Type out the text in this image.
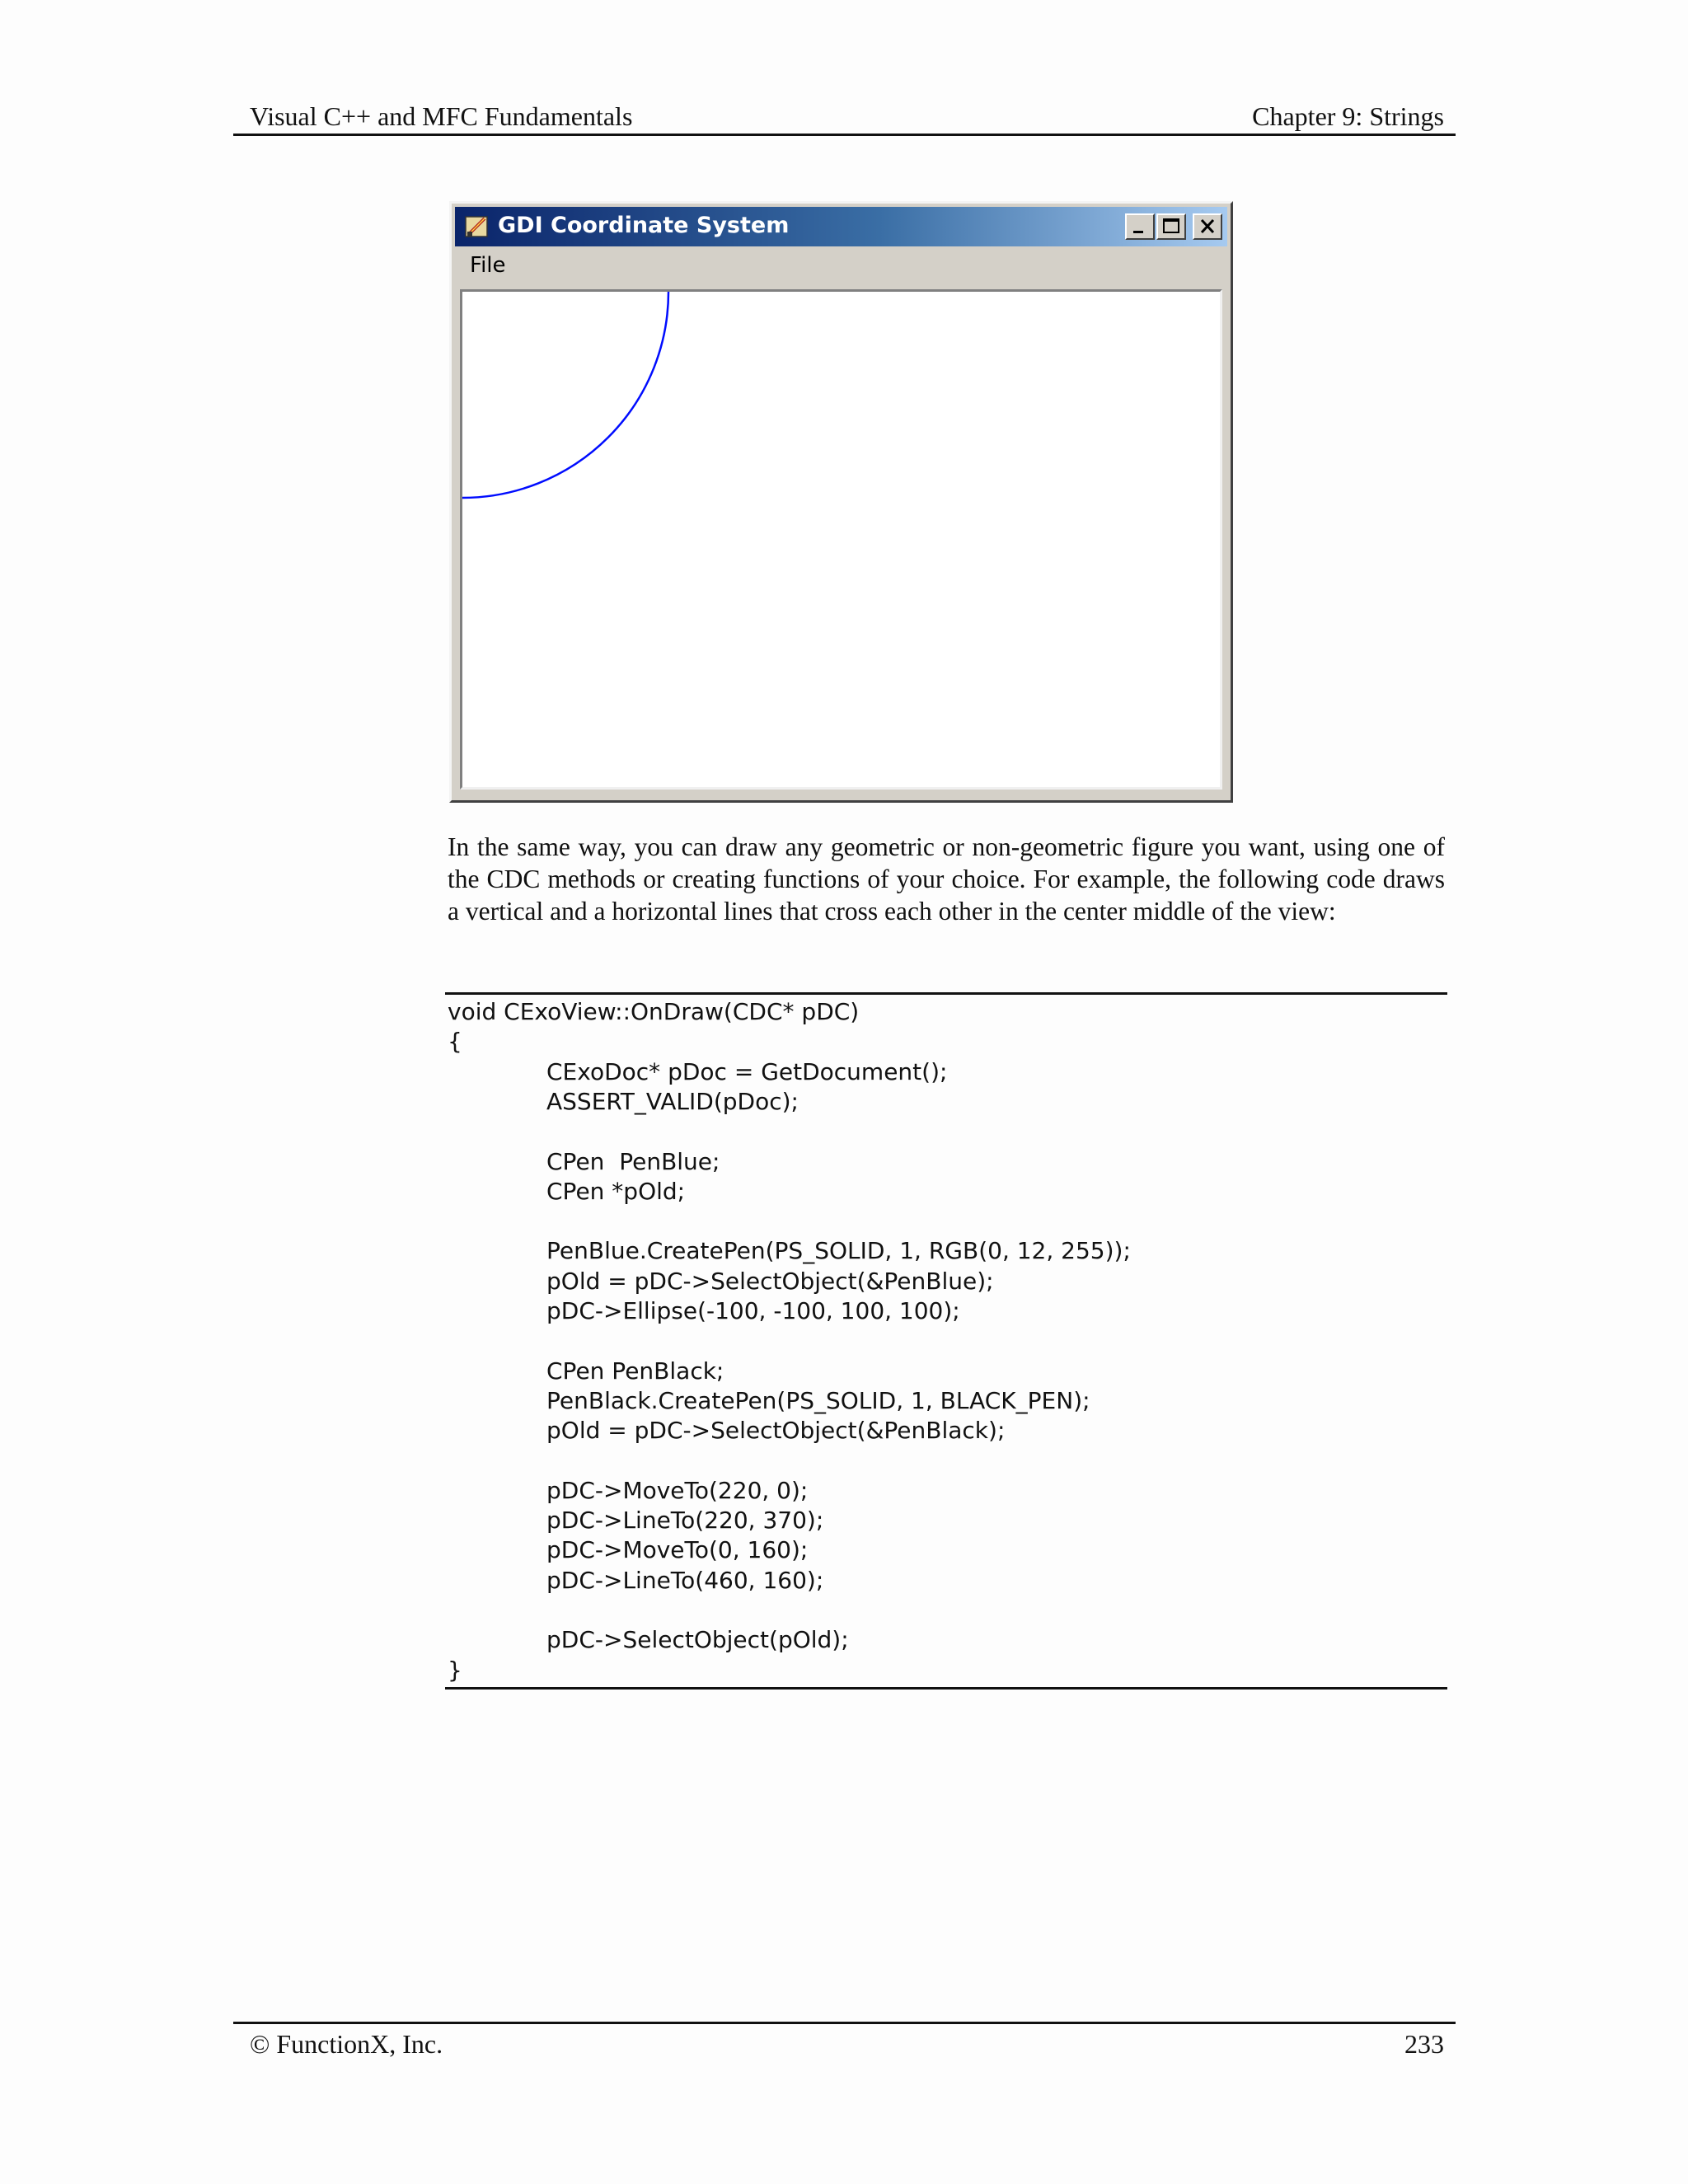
Visual C++ and MFC Fundamentals	Chapter 9: Strings
GDI Coordinate System
File

In the same way, you can draw any geometric or non-geometric figure you want, using one of the CDC methods or creating functions of your choice. For example, the following code draws a vertical and a horizontal lines that cross each other in the center middle of the view:

void CExoView::OnDraw(CDC* pDC)
{
CExoDoc* pDoc = GetDocument();
ASSERT_VALID(pDoc);
CPen  PenBlue;
CPen *pOld;
PenBlue.CreatePen(PS_SOLID, 1, RGB(0, 12, 255));
pOld = pDC->SelectObject(&PenBlue);
pDC->Ellipse(-100, -100, 100, 100);
CPen PenBlack;
PenBlack.CreatePen(PS_SOLID, 1, BLACK_PEN);
pOld = pDC->SelectObject(&PenBlack);
pDC->MoveTo(220, 0);
pDC->LineTo(220, 370);
pDC->MoveTo(0, 160);
pDC->LineTo(460, 160);
pDC->SelectObject(pOld);
}
© FunctionX, Inc.	233
